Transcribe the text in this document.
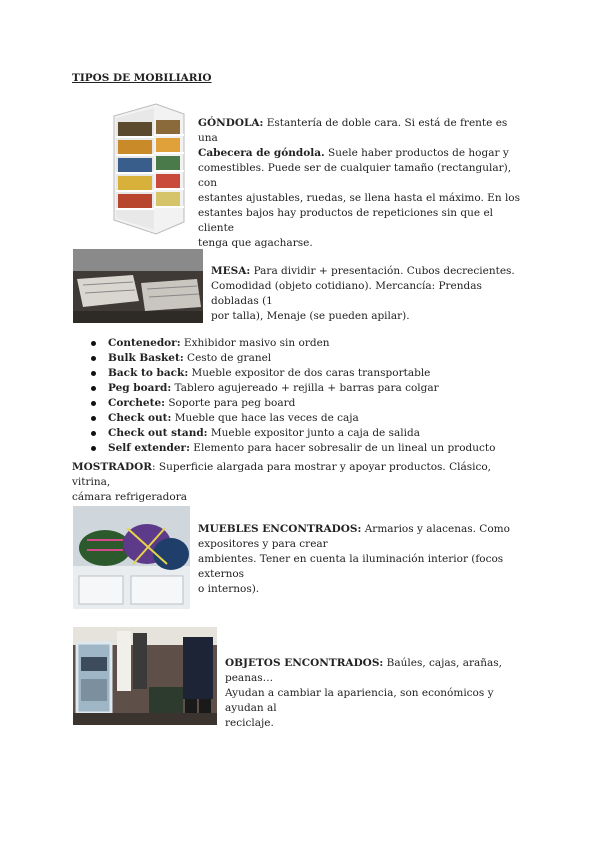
TIPOS DE MOBILIARIO

GÓNDOLA: Estantería de doble cara. Si está de frente es una

Cabecera de góndola. Suele haber productos de hogar y

comestibles. Puede ser de cualquier tamaño (rectangular), con

estantes ajustables, ruedas, se llena hasta el máximo. En los

estantes bajos hay productos de repeticiones sin que el cliente

tenga que agacharse.

MESA: Para dividir + presentación. Cubos decrecientes.

Comodidad (objeto cotidiano). Mercancía: Prendas dobladas (1

por talla), Menaje (se pueden apilar).

Contenedor: Exhibidor masivo sin orden
Bulk Basket: Cesto de granel
Back to back: Mueble expositor de dos caras transportable
Peg board: Tablero agujereado + rejilla + barras para colgar
Corchete: Soporte para peg board
Check out: Mueble que hace las veces de caja
Check out stand: Mueble expositor junto a caja de salida
Self extender: Elemento para hacer sobresalir de un lineal un producto

MOSTRADOR: Superficie alargada para mostrar y apoyar productos. Clásico, vitrina,

cámara refrigeradora

MUEBLES ENCONTRADOS: Armarios y alacenas. Como

expositores y para crear

ambientes. Tener en cuenta la iluminación interior (focos externos

o internos).

OBJETOS ENCONTRADOS: Baúles, cajas, arañas, peanas…

Ayudan a cambiar la apariencia, son económicos y ayudan al

reciclaje.
